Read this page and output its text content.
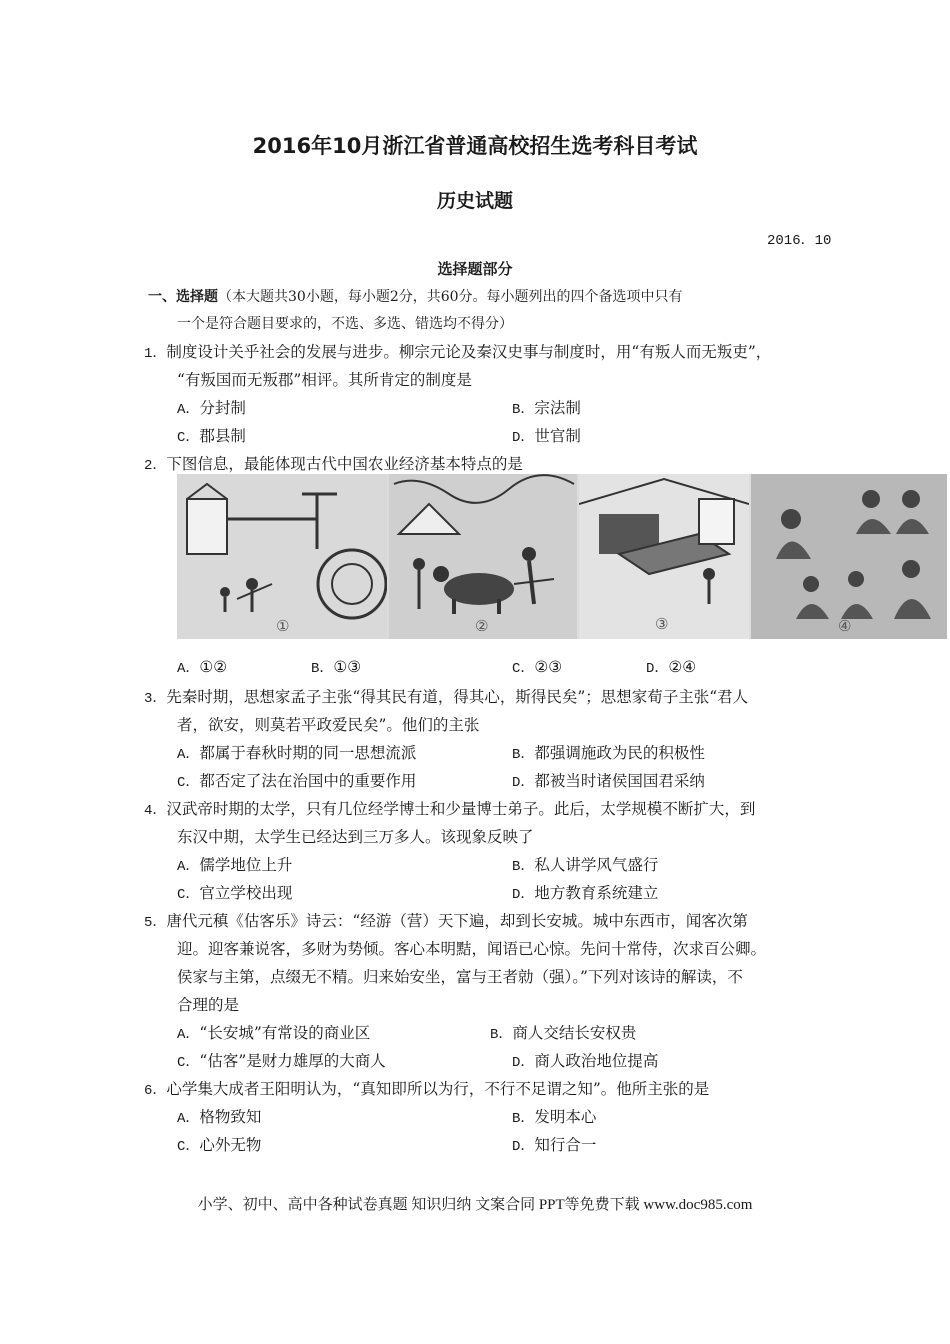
2016年10月浙江省普通高校招生选考科目考试
历史试题
2016．10
选择题部分
一、选择题（本大题共30小题，每小题2分，共60分。每小题列出的四个备选项中只有
一个是符合题目要求的，不选、多选、错选均不得分）
1．制度设计关乎社会的发展与进步。柳宗元论及秦汉史事与制度时，用“有叛人而无叛吏”，
“有叛国而无叛郡”相评。其所肯定的制度是
A．分封制	B．宗法制
C．郡县制	D．世官制
2．下图信息，最能体现古代中国农业经济基本特点的是
①	②	③	④
A．①②	B．①③	C．②③	D．②④
3．先秦时期，思想家孟子主张“得其民有道，得其心，斯得民矣”；思想家荀子主张“君人
者，欲安，则莫若平政爱民矣”。他们的主张
A．都属于春秋时期的同一思想流派	B．都强调施政为民的积极性
C．都否定了法在治国中的重要作用	D．都被当时诸侯国国君采纳
4．汉武帝时期的太学，只有几位经学博士和少量博士弟子。此后，太学规模不断扩大，到
东汉中期，太学生已经达到三万多人。该现象反映了
A．儒学地位上升	B．私人讲学风气盛行
C．官立学校出现	D．地方教育系统建立
5．唐代元稹《估客乐》诗云：“经游（营）天下遍，却到长安城。城中东西市，闻客次第
迎。迎客兼说客，多财为势倾。客心本明黠，闻语已心惊。先问十常侍，次求百公卿。
侯家与主第，点缀无不精。归来始安坐，富与王者勍（强）。”下列对该诗的解读，不
合理的是
A．“长安城”有常设的商业区	B．商人交结长安权贵
C．“估客”是财力雄厚的大商人	D．商人政治地位提高
6．心学集大成者王阳明认为，“真知即所以为行，不行不足谓之知”。他所主张的是
A．格物致知	B．发明本心
C．心外无物	D．知行合一
小学、初中、高中各种试卷真题 知识归纳 文案合同 PPT等免费下载 www.doc985.com
